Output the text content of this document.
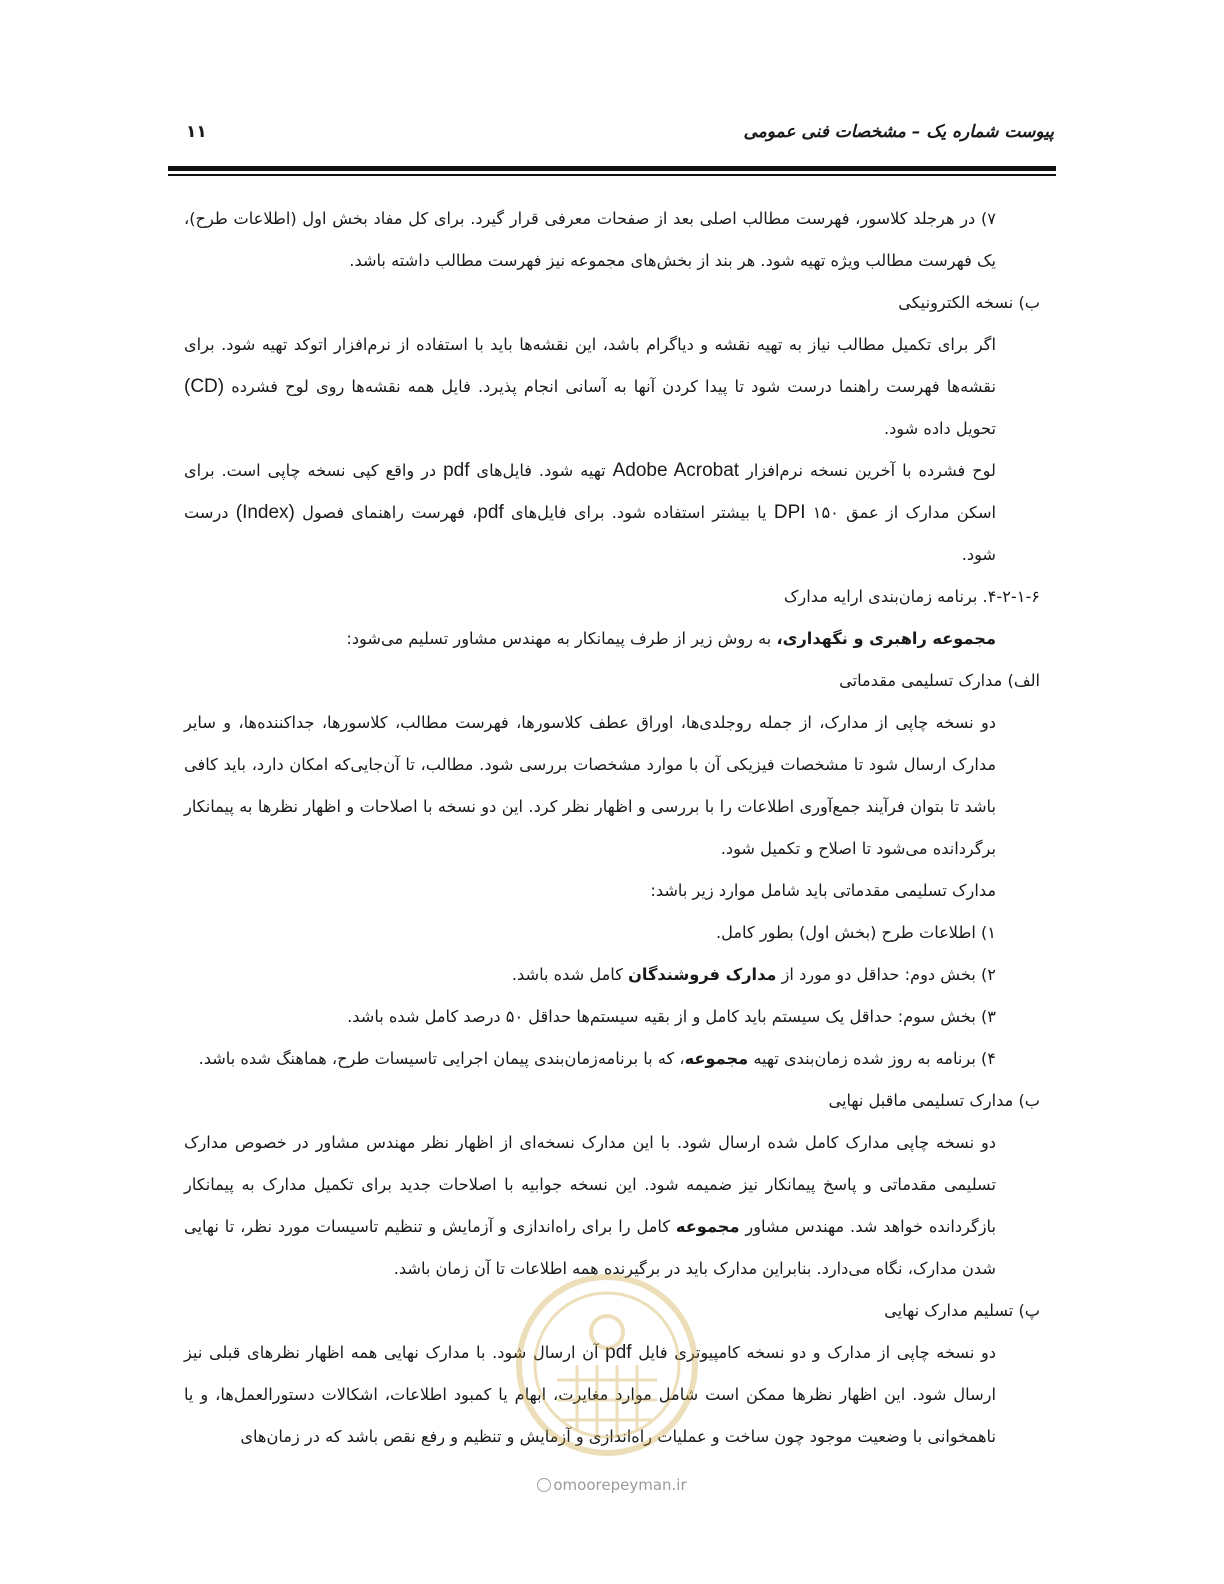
پیوست شماره یک – مشخصات فنی عمومی
۱۱

۷) در هرجلد کلاسور، فهرست مطالب اصلی بعد از صفحات معرفی قرار گیرد. برای کل مفاد بخش اول (اطلاعات طرح)، یک فهرست مطالب ویژه تهیه شود. هر بند از بخش‌های مجموعه نیز فهرست مطالب داشته باشد.

ب) نسخه الکترونیکی

اگر برای تکمیل مطالب نیاز به تهیه نقشه و دیاگرام باشد، این نقشه‌ها باید با استفاده از نرم‌افزار اتوکد تهیه شود. برای نقشه‌ها فهرست راهنما درست شود تا پیدا کردن آنها به آسانی انجام پذیرد. فایل همه نقشه‌ها روی لوح فشرده (CD) تحویل داده شود.

لوح فشرده با آخرین نسخه نرم‌افزار Adobe Acrobat تهیه شود. فایل‌های pdf در واقع کپی نسخه چاپی است. برای اسکن مدارک از عمق ۱۵۰ DPI یا بیشتر استفاده شود. برای فایل‌های pdf، فهرست راهنمای فصول (Index) درست شود.

۴-۲-۱-۶. برنامه زمان‌بندی ارایه مدارک

مجموعه راهبری و نگهداری، به روش زیر از طرف پیمانکار به مهندس مشاور تسلیم می‌شود:

الف) مدارک تسلیمی مقدماتی

دو نسخه چاپی از مدارک، از جمله روجلدی‌ها، اوراق عطف کلاسورها، فهرست مطالب، کلاسورها، جداکننده‌ها، و سایر مدارک ارسال شود تا مشخصات فیزیکی آن با موارد مشخصات بررسی شود. مطالب، تا آن‌جایی‌که امکان دارد، باید کافی باشد تا بتوان فرآیند جمع‌آوری اطلاعات را با بررسی و اظهار نظر کرد. این دو نسخه با اصلاحات و اظهار نظرها به پیمانکار برگردانده می‌شود تا اصلاح و تکمیل شود.

مدارک تسلیمی مقدماتی باید شامل موارد زیر باشد:

۱) اطلاعات طرح (بخش اول) بطور کامل.

۲) بخش دوم: حداقل دو مورد از مدارک فروشندگان کامل شده باشد.

۳) بخش سوم: حداقل یک سیستم باید کامل و از بقیه سیستم‌ها حداقل ۵۰ درصد کامل شده باشد.

۴) برنامه به روز شده زمان‌بندی تهیه مجموعه، که با برنامه‌زمان‌بندی پیمان اجرایی تاسیسات طرح، هماهنگ شده باشد.

ب) مدارک تسلیمی ماقبل نهایی

دو نسخه چاپی مدارک کامل شده ارسال شود. با این مدارک نسخه‌ای از اظهار نظر مهندس مشاور در خصوص مدارک تسلیمی مقدماتی و پاسخ پیمانکار نیز ضمیمه شود. این نسخه جوابیه با اصلاحات جدید برای تکمیل مدارک به پیمانکار بازگردانده خواهد شد. مهندس مشاور مجموعه کامل را برای راه‌اندازی و آزمایش و تنظیم تاسیسات مورد نظر، تا نهایی شدن مدارک، نگاه می‌دارد. بنابراین مدارک باید در برگیرنده همه اطلاعات تا آن زمان باشد.

پ) تسلیم مدارک نهایی

دو نسخه چاپی از مدارک و دو نسخه کامپیوتری فایل pdf آن ارسال شود. با مدارک نهایی همه اظهار نظرهای قبلی نیز ارسال شود. این اظهار نظرها ممکن است شامل موارد مغایرت، ابهام یا کمبود اطلاعات، اشکالات دستورالعمل‌ها، و یا ناهمخوانی با وضعیت موجود چون ساخت و عملیات راه‌اندازی و آزمایش و تنظیم و رفع نقص باشد که در زمان‌های

omoorepeyman.ir
